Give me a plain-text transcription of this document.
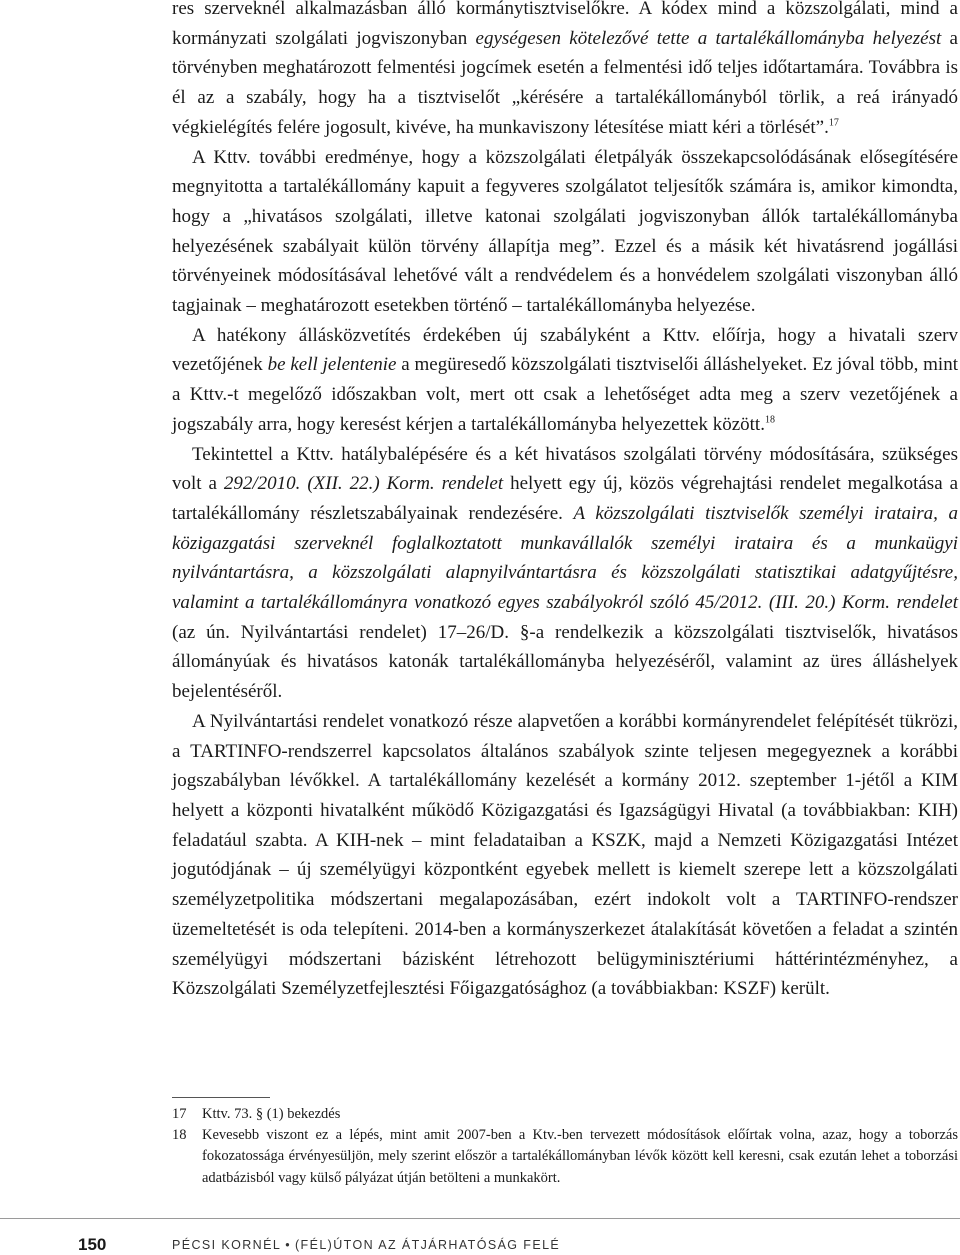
res szerveknél alkalmazásban álló kormánytisztviselőkre. A kódex mind a közszolgálati, mind a kormányzati szolgálati jogviszonyban egységesen kötelezővé tette a tartalékállományba helyezést a törvényben meghatározott felmentési jogcímek esetén a felmentési idő teljes időtartamára. Továbbra is él az a szabály, hogy ha a tisztviselőt „kérésére a tartalékállományból törlik, a reá irányadó végkielégítés felére jogosult, kivéve, ha munkaviszony létesítése miatt kéri a törlését”.$^{17}$

A Kttv. további eredménye, hogy a közszolgálati életpályák összekapcsolódásának elősegítésére megnyitotta a tartalékállomány kapuit a fegyveres szolgálatot teljesítők számára is, amikor kimondta, hogy a „hivatásos szolgálati, illetve katonai szolgálati jogviszonyban állók tartalékállományba helyezésének szabályait külön törvény állapítja meg”. Ezzel és a másik két hivatásrend jogállási törvényeinek módosításával lehetővé vált a rendvédelem és a honvédelem szolgálati viszonyban álló tagjainak – meghatározott esetekben történő – tartalékállományba helyezése.

A hatékony állásközvetítés érdekében új szabályként a Kttv. előírja, hogy a hivatali szerv vezetőjének be kell jelentenie a megüresedő közszolgálati tisztviselői álláshelyeket. Ez jóval több, mint a Kttv.-t megelőző időszakban volt, mert ott csak a lehetőséget adta meg a szerv vezetőjének a jogszabály arra, hogy keresést kérjen a tartalékállományba helyezettek között.$^{18}$

Tekintettel a Kttv. hatálybalépésére és a két hivatásos szolgálati törvény módosítására, szükséges volt a 292/2010. (XII. 22.) Korm. rendelet helyett egy új, közös végrehajtási rendelet megalkotása a tartalékállomány részletszabályainak rendezésére. A közszolgálati tisztviselők személyi irataira, a közigazgatási szerveknél foglalkoztatott munkavállalók személyi irataira és a munkaügyi nyilvántartásra, a közszolgálati alapnyilvántartásra és közszolgálati statisztikai adatgyűjtésre, valamint a tartalékállományra vonatkozó egyes szabályokról szóló 45/2012. (III. 20.) Korm. rendelet (az ún. Nyilvántartási rendelet) 17–26/D. §-a rendelkezik a közszolgálati tisztviselők, hivatásos állományúak és hivatásos katonák tartalékállományba helyezéséről, valamint az üres álláshelyek bejelentéséről.

A Nyilvántartási rendelet vonatkozó része alapvetően a korábbi kormányrendelet felépítését tükrözi, a TARTINFO-rendszerrel kapcsolatos általános szabályok szinte teljesen megegyeznek a korábbi jogszabályban lévőkkel. A tartalékállomány kezelését a kormány 2012. szeptember 1-jétől a KIM helyett a központi hivatalként működő Közigazgatási és Igazságügyi Hivatal (a továbbiakban: KIH) feladatául szabta. A KIH-nek – mint feladataiban a KSZK, majd a Nemzeti Közigazgatási Intézet jogutódjának – új személyügyi központként egyebek mellett is kiemelt szerepe lett a közszolgálati személyzetpolitika módszertani megalapozásában, ezért indokolt volt a TARTINFO-rendszer üzemeltetését is oda telepíteni. 2014-ben a kormányszerkezet átalakítását követően a feladat a szintén személyügyi módszertani bázisként létrehozott belügyminisztériumi háttérintézményhez, a Közszolgálati Személyzetfejlesztési Főigazgatósághoz (a továbbiakban: KSZF) került.

17	Kttv. 73. § (1) bekezdés
18	Kevesebb viszont ez a lépés, mint amit 2007-ben a Ktv.-ben tervezett módosítások előírtak volna, azaz, hogy a toborzás fokozatossága érvényesüljön, mely szerint először a tartalékállományban lévők között kell keresni, csak ezután lehet a toborzási adatbázisból vagy külső pályázat útján betölteni a munkakört.
150	PÉCSI KORNÉL • (FÉL)ÚTON AZ ÁTJÁRHATÓSÁG FELÉ
